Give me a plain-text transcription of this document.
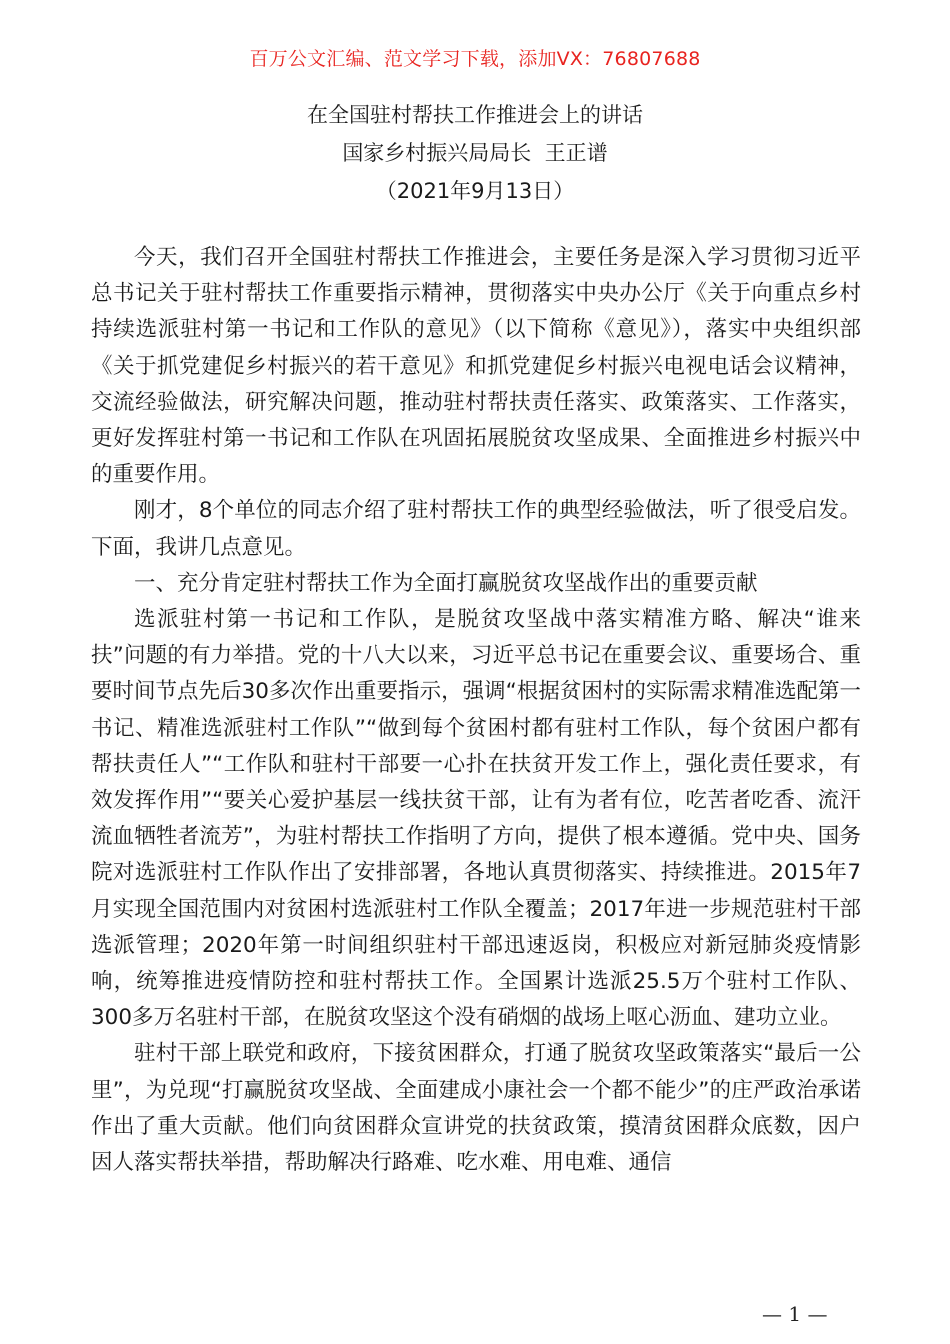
百万公文汇编、范文学习下载，添加VX：76807688
在全国驻村帮扶工作推进会上的讲话
国家乡村振兴局局长  王正谱
（2021年9月13日）

今天，我们召开全国驻村帮扶工作推进会，主要任务是深入学习贯彻习近平总书记关于驻村帮扶工作重要指示精神，贯彻落实中央办公厅《关于向重点乡村持续选派驻村第一书记和工作队的意见》（以下简称《意见》），落实中央组织部《关于抓党建促乡村振兴的若干意见》和抓党建促乡村振兴电视电话会议精神，交流经验做法，研究解决问题，推动驻村帮扶责任落实、政策落实、工作落实，更好发挥驻村第一书记和工作队在巩固拓展脱贫攻坚成果、全面推进乡村振兴中的重要作用。

刚才，8个单位的同志介绍了驻村帮扶工作的典型经验做法，听了很受启发。下面，我讲几点意见。

一、充分肯定驻村帮扶工作为全面打赢脱贫攻坚战作出的重要贡献

选派驻村第一书记和工作队，是脱贫攻坚战中落实精准方略、解决“谁来扶”问题的有力举措。党的十八大以来，习近平总书记在重要会议、重要场合、重要时间节点先后30多次作出重要指示，强调“根据贫困村的实际需求精准选配第一书记、精准选派驻村工作队”“做到每个贫困村都有驻村工作队，每个贫困户都有帮扶责任人”“工作队和驻村干部要一心扑在扶贫开发工作上，强化责任要求，有效发挥作用”“要关心爱护基层一线扶贫干部，让有为者有位，吃苦者吃香、流汗流血牺牲者流芳”，为驻村帮扶工作指明了方向，提供了根本遵循。党中央、国务院对选派驻村工作队作出了安排部署，各地认真贯彻落实、持续推进。2015年7月实现全国范围内对贫困村选派驻村工作队全覆盖；2017年进一步规范驻村干部选派管理；2020年第一时间组织驻村干部迅速返岗，积极应对新冠肺炎疫情影响，统筹推进疫情防控和驻村帮扶工作。全国累计选派25.5万个驻村工作队、300多万名驻村干部，在脱贫攻坚这个没有硝烟的战场上呕心沥血、建功立业。

驻村干部上联党和政府，下接贫困群众，打通了脱贫攻坚政策落实“最后一公里”，为兑现“打赢脱贫攻坚战、全面建成小康社会一个都不能少”的庄严政治承诺作出了重大贡献。他们向贫困群众宣讲党的扶贫政策，摸清贫困群众底数，因户因人落实帮扶举措，帮助解决行路难、吃水难、用电难、通信

— 1 —
